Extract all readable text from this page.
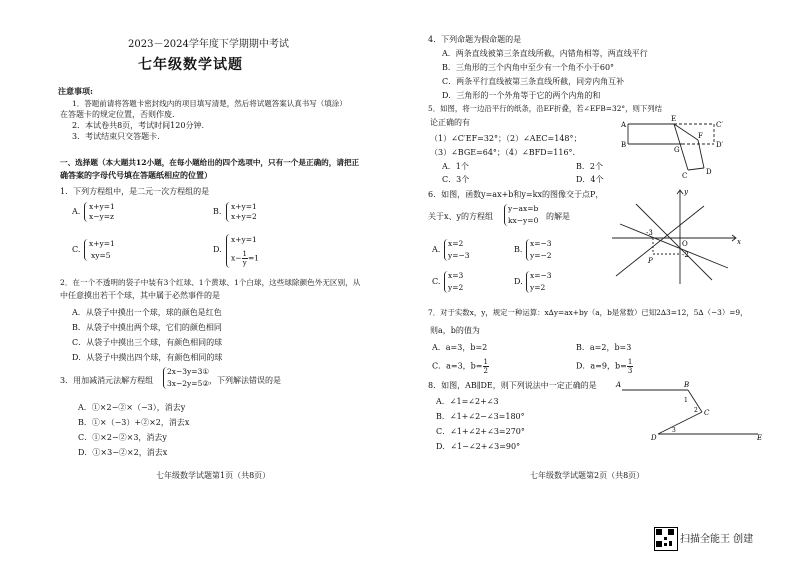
2023－2024学年度下学期期中考试
七年级数学试题
注意事项:
1．答题前请将答题卡密封线内的项目填写清楚，然后将试题答案认真书写（填涂）
在答题卡的规定位置，否则作废.
2．本试卷共8页，考试时间120分钟.
3．考试结束只交答题卡.
一、选择题（本大题共12小题，在每小题给出的四个选项中，只有一个是正确的，请把正
确答案的字母代号填在答题纸相应的位置）
1．下列方程组中，是二元一次方程组的是
A.
x+y=1
x−y=z
B.
x+y=1
x+y=2
C.
x+y=1
xy=5
D.
x+y=1
$x- \frac{1}{y} =1$
2．在一个不透明的袋子中装有3个红球、1个黄球、1个白球，这些球除颜色外无区别，从
中任意摸出若干个球，其中属于必然事件的是
A．从袋子中摸出一个球，球的颜色是红色
B．从袋子中摸出两个球，它们的颜色相同
C．从袋子中摸出三个球，有颜色相同的球
D．从袋子中摸出四个球，有颜色相同的球
3．用加减消元法解方程组
2x−3y=3①
3x−2y=5② ，下列解法错误的是
A．①×2−②×（−3），消去y
B．①×（−3）+②×2，消去x
C．①×2−②×3，消去y
D．①×3−②×2，消去x
七年级数学试题第1页（共8页）
4．下列命题为假命题的是
A．两条直线被第三条直线所截，内错角相等，两直线平行
B．三角形的三个内角中至少有一个角不小于60°
C．两条平行直线被第三条直线所截，同旁内角互补
D．三角形的一个外角等于它的两个内角的和
5．如图，将一边沿平行的纸条，沿EF折叠，若∠EFB=32°，则下列结
论正确的有
（1）∠C′EF=32°；（2）∠AEC=148°；
（3）∠BGE=64°；（4）∠BFD=116°.
A．1个	B．2个
C．3个	D．4个
A
B
E
C′
D′
G
F
C	D
6．如图，函数y=ax+b和y=kx的图像交于点P，
关于x、y的方程组
y−ax=b
kx−y=0 的解是
A.
x=2
y=−3
B.
x=−3
y=−2
C.
x=3
y=2
D.
x=−3
y=2
y
x
O
-3
-2
P
7．对于实数x，y，规定一种运算：x∆y=ax+by（a，b是常数）已知2∆3=12，5∆（−3）=9，
则a，b的值为
A．a=3，b=2	B．a=2，b=3
C．a=3，$b= \frac{1}{2}$	D．a=9，$b= \frac{1}{3}$
8．如图，AB∥DE，则下列说法中一定正确的是
A．∠1=∠2+∠3
B．∠1+∠2−∠3=180°
C．∠1+∠2+∠3=270°
D．∠1−∠2+∠3=90°
A	B
C
D	E
1
2
3
七年级数学试题第2页（共8页）
扫描全能王 创建
